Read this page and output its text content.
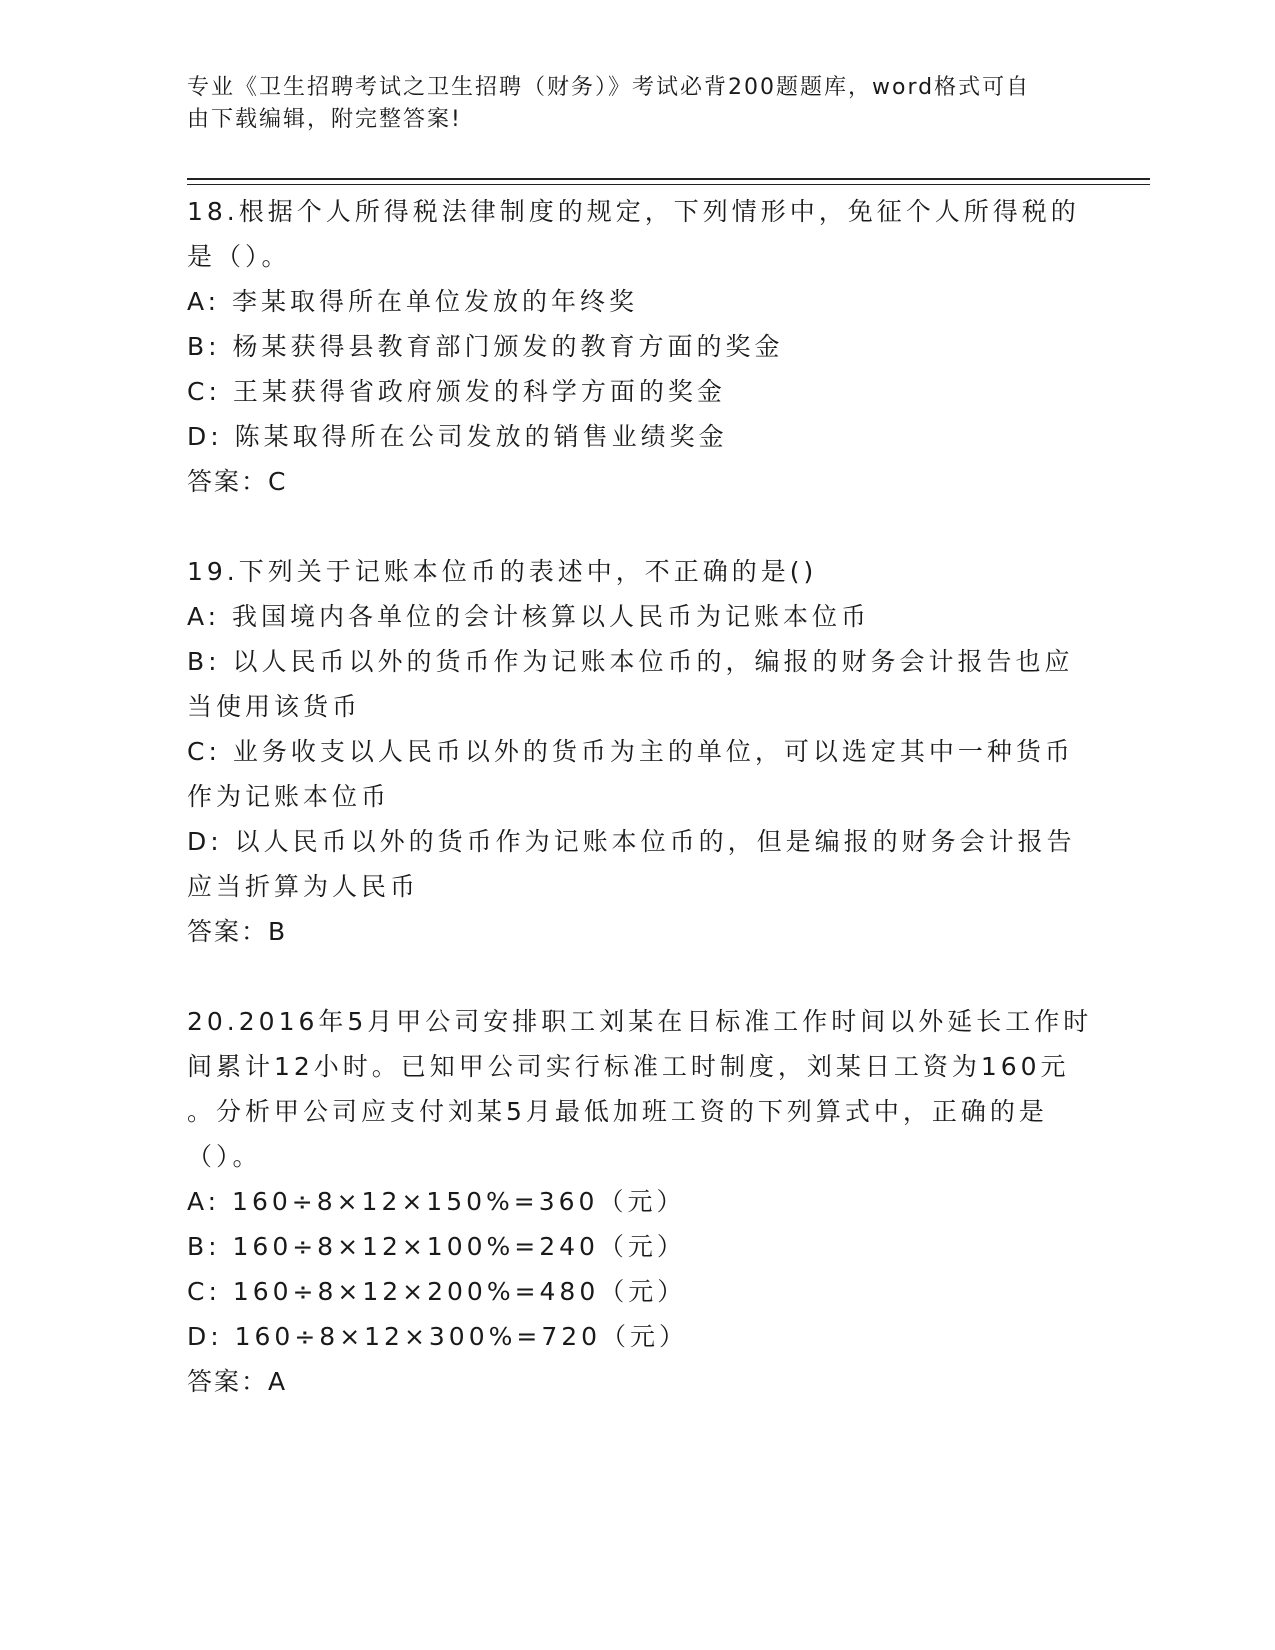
专业《卫生招聘考试之卫生招聘（财务）》考试必背200题题库，word格式可自
由下载编辑，附完整答案!
18.根据个人所得税法律制度的规定，下列情形中，免征个人所得税的
是（）。
A: 李某取得所在单位发放的年终奖
B: 杨某获得县教育部门颁发的教育方面的奖金
C: 王某获得省政府颁发的科学方面的奖金
D: 陈某取得所在公司发放的销售业绩奖金
答案：C
19.下列关于记账本位币的表述中，不正确的是()
A: 我国境内各单位的会计核算以人民币为记账本位币
B: 以人民币以外的货币作为记账本位币的，编报的财务会计报告也应
当使用该货币
C: 业务收支以人民币以外的货币为主的单位，可以选定其中一种货币
作为记账本位币
D: 以人民币以外的货币作为记账本位币的，但是编报的财务会计报告
应当折算为人民币
答案：B
20.2016年5月甲公司安排职工刘某在日标准工作时间以外延长工作时
间累计12小时。已知甲公司实行标准工时制度，刘某日工资为160元
。分析甲公司应支付刘某5月最低加班工资的下列算式中，正确的是
（）。
A: 160÷8×12×150%=360（元）
B: 160÷8×12×100%=240（元）
C: 160÷8×12×200%=480（元）
D: 160÷8×12×300%=720（元）
答案：A
